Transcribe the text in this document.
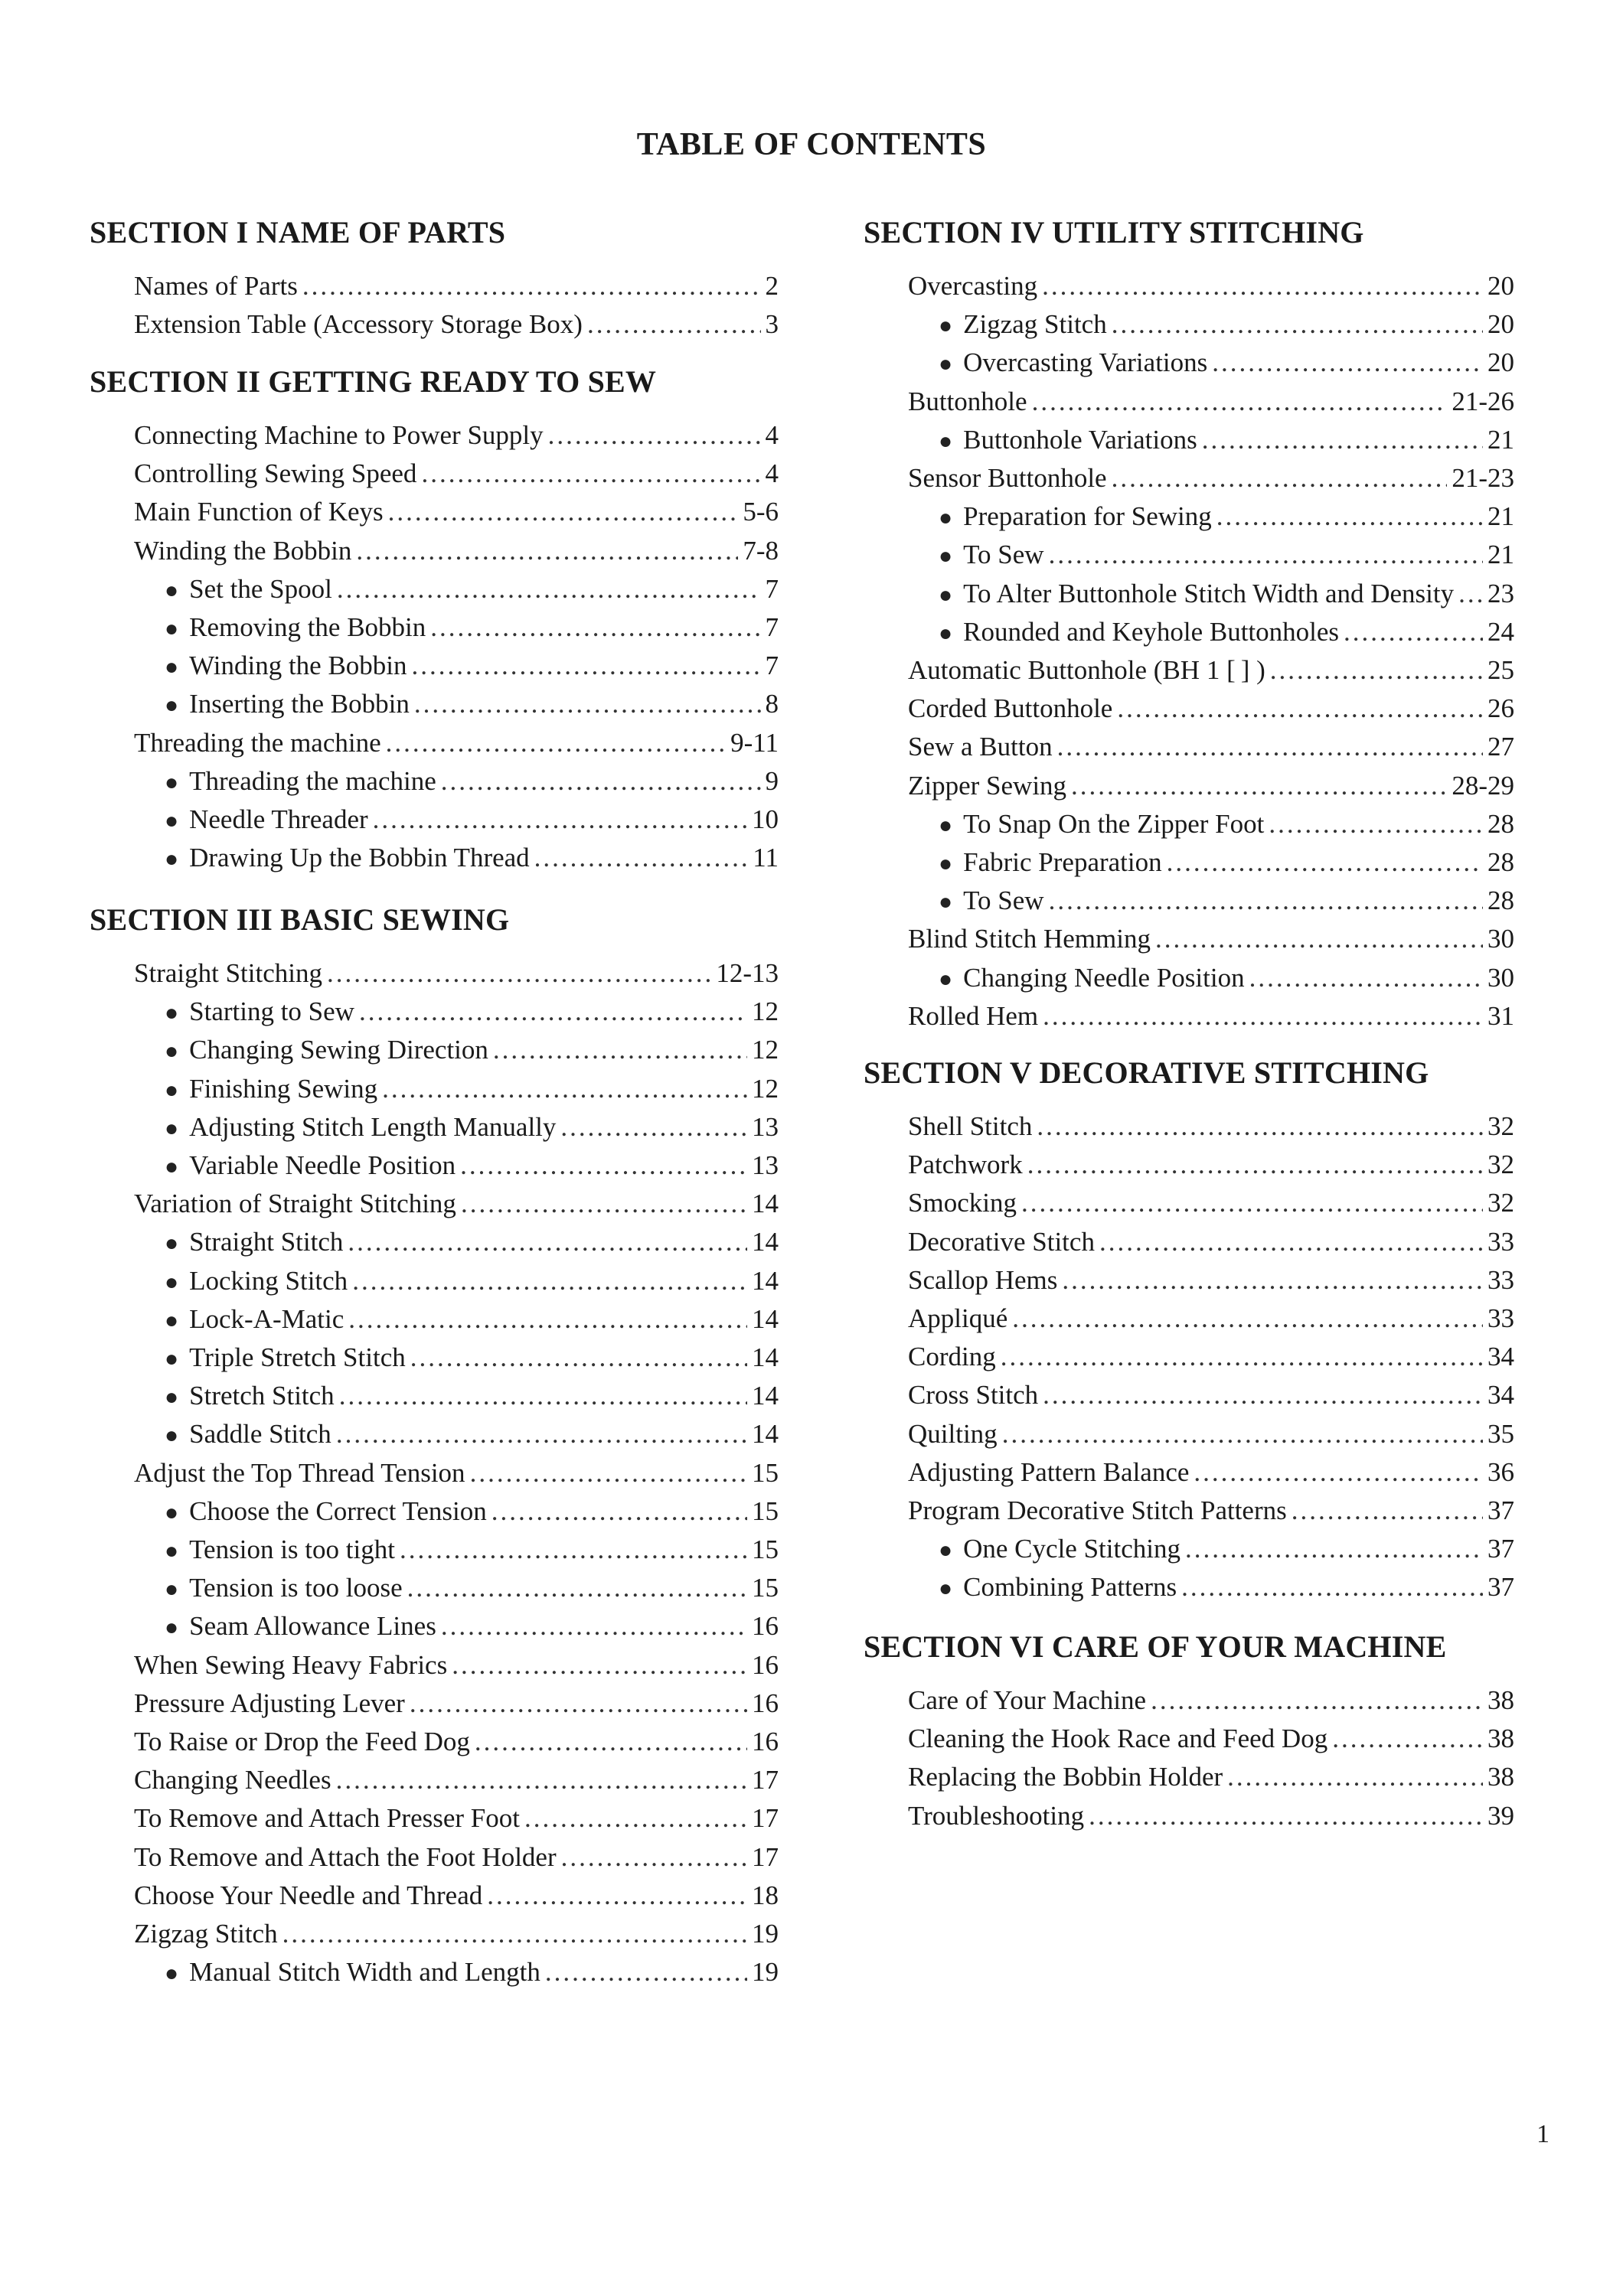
TABLE OF CONTENTS
SECTION I NAME OF PARTS
Names of Parts .....	2
Extension Table (Accessory Storage Box) .....	3
SECTION II GETTING READY TO SEW
Connecting Machine to Power Supply .....	4
Controlling Sewing Speed .....	4
Main Function of Keys .....	5-6
Winding the Bobbin .....	7-8
● Set the Spool .....	7
● Removing the Bobbin .....	7
● Winding the Bobbin .....	7
● Inserting the Bobbin .....	8
Threading the machine .....	9-11
● Threading the machine .....	9
● Needle Threader .....	10
● Drawing Up the Bobbin Thread .....	11
SECTION III BASIC SEWING
Straight Stitching .....	12-13
● Starting to Sew .....	12
● Changing Sewing Direction .....	12
● Finishing Sewing .....	12
● Adjusting Stitch Length Manually .....	13
● Variable Needle Position .....	13
Variation of Straight Stitching .....	14
● Straight Stitch .....	14
● Locking Stitch .....	14
● Lock-A-Matic .....	14
● Triple Stretch Stitch .....	14
● Stretch Stitch .....	14
● Saddle Stitch .....	14
Adjust the Top Thread Tension .....	15
● Choose the Correct Tension .....	15
● Tension is too tight .....	15
● Tension is too loose .....	15
● Seam Allowance Lines .....	16
When Sewing Heavy Fabrics .....	16
Pressure Adjusting Lever .....	16
To Raise or Drop the Feed Dog .....	16
Changing Needles .....	17
To Remove and Attach Presser Foot .....	17
To Remove and Attach the Foot Holder .....	17
Choose Your Needle and Thread .....	18
Zigzag Stitch .....	19
● Manual Stitch Width and Length .....	19
SECTION IV UTILITY STITCHING
Overcasting .....	20
● Zigzag Stitch .....	20
● Overcasting Variations .....	20
Buttonhole .....	21-26
● Buttonhole Variations .....	21
Sensor Buttonhole .....	21-23
● Preparation for Sewing .....	21
● To Sew .....	21
● To Alter Buttonhole Stitch Width and Density ..... 23
● Rounded and Keyhole Buttonholes .....	24
Automatic Buttonhole (BH 1 [ ] ) .....	25
Corded Buttonhole .....	26
Sew a Button .....	27
Zipper Sewing .....	28-29
● To Snap On the Zipper Foot .....	28
● Fabric Preparation .....	28
● To Sew .....	28
Blind Stitch Hemming .....	30
● Changing Needle Position .....	30
Rolled Hem .....	31
SECTION V DECORATIVE STITCHING
Shell Stitch .....	32
Patchwork .....	32
Smocking .....	32
Decorative Stitch .....	33
Scallop Hems .....	33
Appliqué .....	33
Cording .....	34
Cross Stitch .....	34
Quilting .....	35
Adjusting Pattern Balance .....	36
Program Decorative Stitch Patterns .....	37
● One Cycle Stitching .....	37
● Combining Patterns .....	37
SECTION VI CARE OF YOUR MACHINE
Care of Your Machine .....	38
Cleaning the Hook Race and Feed Dog .....	38
Replacing the Bobbin Holder .....	38
Troubleshooting .....	39
1
